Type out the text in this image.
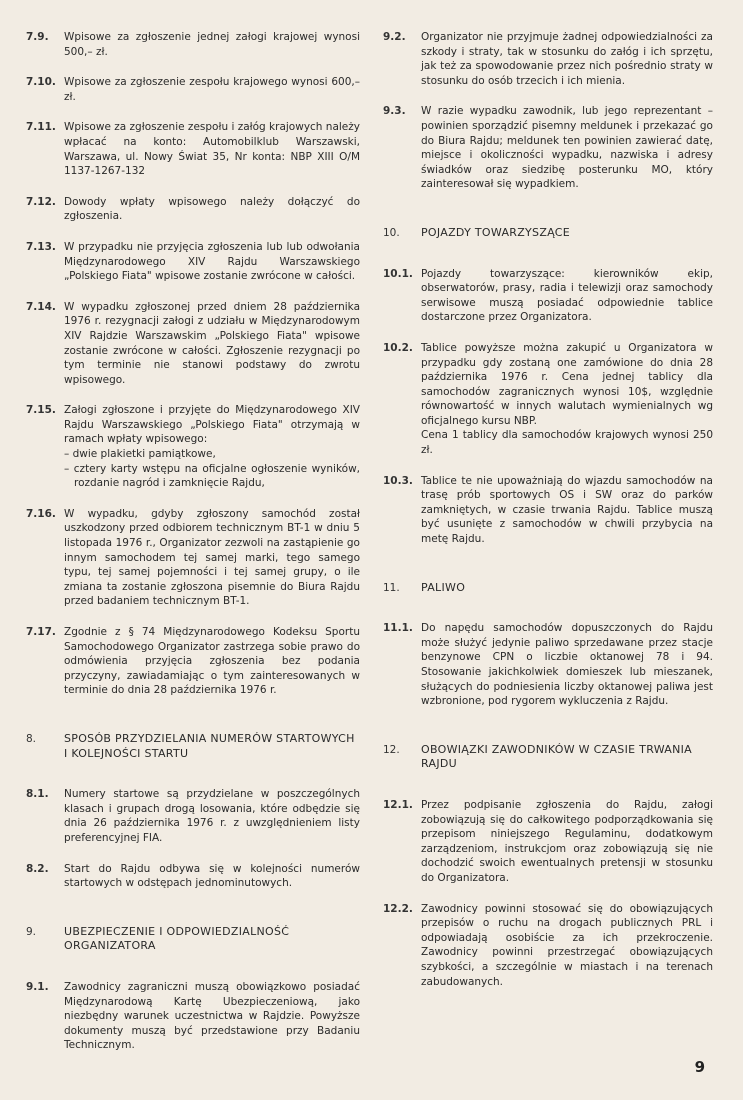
7.9.	Wpisowe za zgłoszenie jednej załogi krajowej wynosi 500,– zł.
7.10. Wpisowe za zgłoszenie zespołu krajowego wynosi 600,– zł.
7.11. Wpisowe za zgłoszenie zespołu i załóg krajowych należy wpłacać na konto: Automobilklub Warszawski, Warszawa, ul. Nowy Świat 35, Nr konta: NBP XIII O/M 1137-1267-132
7.12. Dowody wpłaty wpisowego należy dołączyć do zgłoszenia.
7.13. W przypadku nie przyjęcia zgłoszenia lub lub odwołania Międzynarodowego XIV Rajdu Warszawskiego „Polskiego Fiata" wpisowe zostanie zwrócone w całości.
7.14. W wypadku zgłoszonej przed dniem 28 października 1976 r. rezygnacji załogi z udziału w Międzynarodowym XIV Rajdzie Warszawskim „Polskiego Fiata" wpisowe zostanie zwrócone w całości. Zgłoszenie rezygnacji po tym terminie nie stanowi podstawy do zwrotu wpisowego.
7.15. Załogi zgłoszone i przyjęte do Międzynarodowego XIV Rajdu Warszawskiego „Polskiego Fiata" otrzymają w ramach wpłaty wpisowego:
– dwie plakietki pamiątkowe,
– cztery karty wstępu na oficjalne ogłoszenie wyników, rozdanie nagród i zamknięcie Rajdu,
7.16. W wypadku, gdyby zgłoszony samochód został uszkodzony przed odbiorem technicznym BT-1 w dniu 5 listopada 1976 r., Organizator zezwoli na zastąpienie go innym samochodem tej samej marki, tego samego typu, tej samej pojemności i tej samej grupy, o ile zmiana ta zostanie zgłoszona pisemnie do Biura Rajdu przed badaniem technicznym BT-1.
7.17. Zgodnie z § 74 Międzynarodowego Kodeksu Sportu Samochodowego Organizator zastrzega sobie prawo do odmówienia przyjęcia zgłoszenia bez podania przyczyny, zawiadamiając o tym zainteresowanych w terminie do dnia 28 października 1976 r.
8.	SPOSÓB PRZYDZIELANIA NUMERÓW STARTOWYCH I KOLEJNOŚCI STARTU
8.1.	Numery startowe są przydzielane w poszczególnych klasach i grupach drogą losowania, które odbędzie się dnia 26 października 1976 r. z uwzględnieniem listy preferencyjnej FIA.
8.2.	Start do Rajdu odbywa się w kolejności numerów startowych w odstępach jednominutowych.
9.	UBEZPIECZENIE I ODPOWIEDZIALNOŚĆ ORGANIZATORA
9.1.	Zawodnicy zagraniczni muszą obowiązkowo posiadać Międzynarodową Kartę Ubezpieczeniową, jako niezbędny warunek uczestnictwa w Rajdzie. Powyższe dokumenty muszą być przedstawione przy Badaniu Technicznym.
9.2.	Organizator nie przyjmuje żadnej odpowiedzialności za szkody i straty, tak w stosunku do załóg i ich sprzętu, jak też za spowodowanie przez nich pośrednio straty w stosunku do osób trzecich i ich mienia.
9.3.	W razie wypadku zawodnik, lub jego reprezentant – powinien sporządzić pisemny meldunek i przekazać go do Biura Rajdu; meldunek ten powinien zawierać datę, miejsce i okoliczności wypadku, nazwiska i adresy świadków oraz siedzibę posterunku MO, który zainteresował się wypadkiem.
10.	POJAZDY TOWARZYSZĄCE
10.1. Pojazdy towarzyszące: kierowników ekip, obserwatorów, prasy, radia i telewizji oraz samochody serwisowe muszą posiadać odpowiednie tablice dostarczone przez Organizatora.
10.2. Tablice powyższe można zakupić u Organizatora w przypadku gdy zostaną one zamówione do dnia 28 października 1976 r. Cena jednej tablicy dla samochodów zagranicznych wynosi 10$, względnie równowartość w innych walutach wymienialnych wg oficjalnego kursu NBP.
Cena 1 tablicy dla samochodów krajowych wynosi 250 zł.
10.3. Tablice te nie upoważniają do wjazdu samochodów na trasę prób sportowych OS i SW oraz do parków zamkniętych, w czasie trwania Rajdu. Tablice muszą być usunięte z samochodów w chwili przybycia na metę Rajdu.
11.	PALIWO
11.1. Do napędu samochodów dopuszczonych do Rajdu może służyć jedynie paliwo sprzedawane przez stacje benzynowe CPN o liczbie oktanowej 78 i 94. Stosowanie jakichkolwiek domieszek lub mieszanek, służących do podniesienia liczby oktanowej paliwa jest wzbronione, pod rygorem wykluczenia z Rajdu.
12.	OBOWIĄZKI ZAWODNIKÓW W CZASIE TRWANIA RAJDU
12.1. Przez podpisanie zgłoszenia do Rajdu, załogi zobowiązują się do całkowitego podporządkowania się przepisom niniejszego Regulaminu, dodatkowym zarządzeniom, instrukcjom oraz zobowiązują się nie dochodzić swoich ewentualnych pretensji w stosunku do Organizatora.
12.2. Zawodnicy powinni stosować się do obowiązujących przepisów o ruchu na drogach publicznych PRL i odpowiadają osobiście za ich przekroczenie. Zawodnicy powinni przestrzegać obowiązujących szybkości, a szczególnie w miastach i na terenach zabudowanych.
9
